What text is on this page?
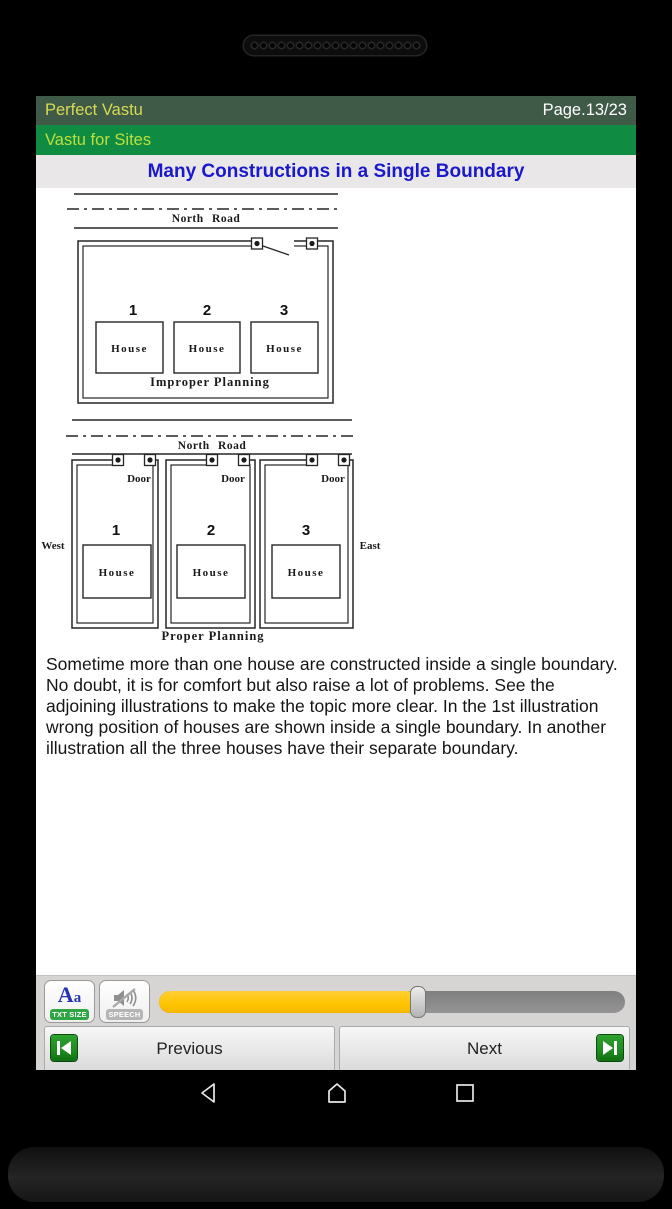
Perfect Vastu	Page.13/23
Vastu for Sites
Many Constructions in a Single Boundary
North Road
1	2	3
House	House	House
Improper Planning
North Road
Door	Door	Door
West	East
1	2	3
House	House	House
Proper Planning

Sometime more than one house are constructed inside a single boundary. No doubt, it is for comfort but also raise a lot of problems. See the adjoining illustrations to make the topic more clear. In the 1st illustration wrong position of houses are shown inside a single boundary. In another illustration all the three houses have their separate boundary.

Aa
TXT SIZE	SPEECH
Previous	Next
